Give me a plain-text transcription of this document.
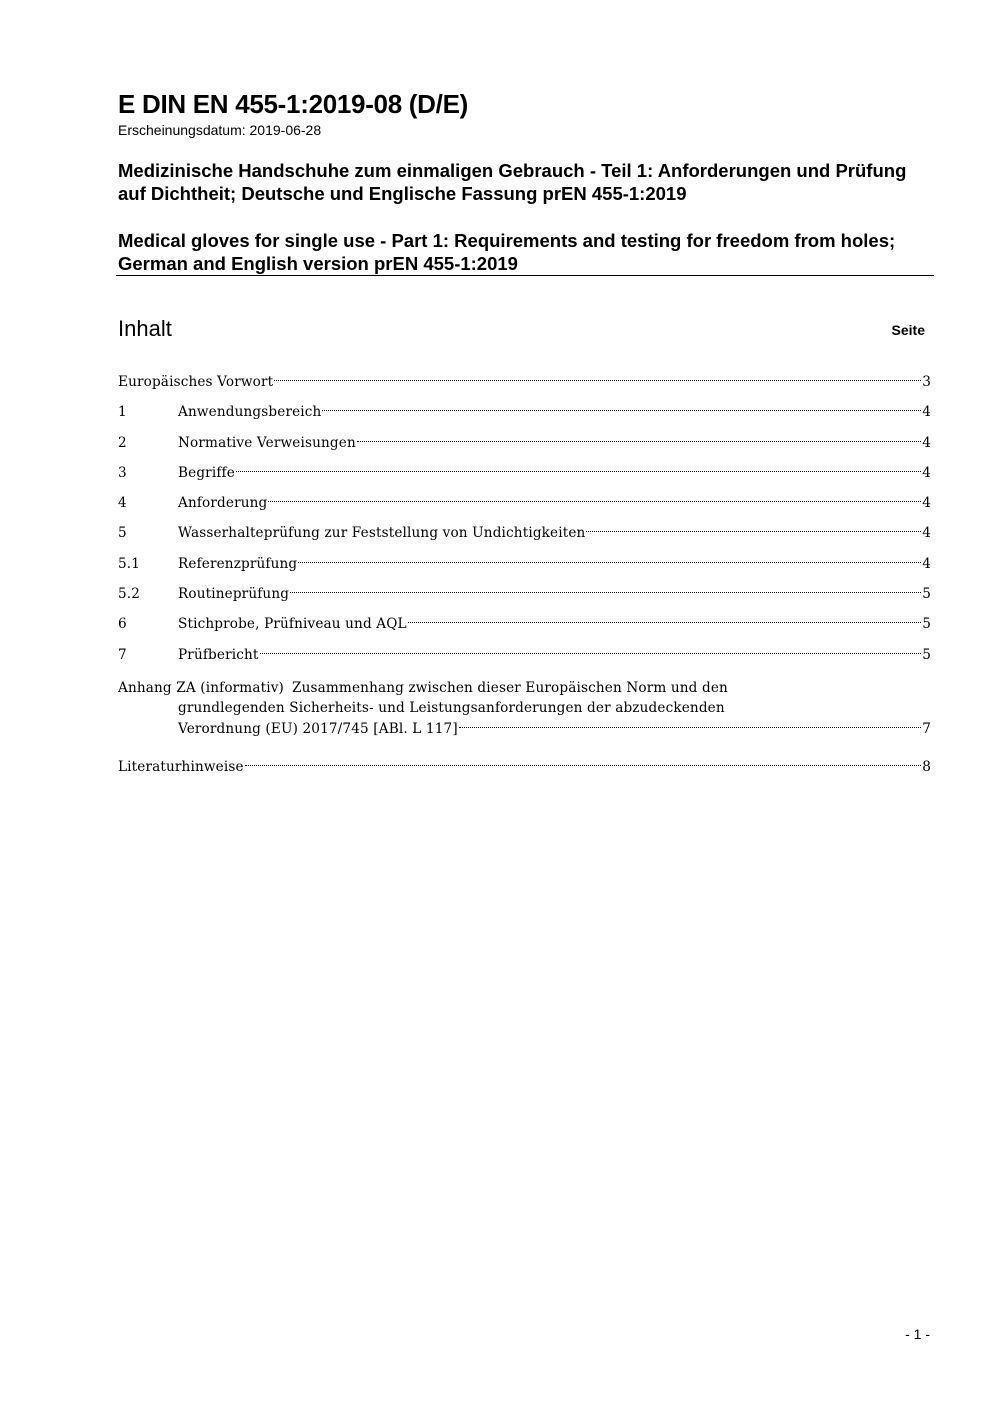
E DIN EN 455-1:2019-08 (D/E)
Erscheinungsdatum: 2019-06-28

Medizinische Handschuhe zum einmaligen Gebrauch - Teil 1: Anforderungen und Prüfung auf Dichtheit; Deutsche und Englische Fassung prEN 455-1:2019

Medical gloves for single use - Part 1: Requirements and testing for freedom from holes; German and English version prEN 455-1:2019

Inhalt	Seite
Europäisches Vorwort	3
1	Anwendungsbereich	4
2	Normative Verweisungen	4
3	Begriffe	4
4	Anforderung	4
5	Wasserhalteprüfung zur Feststellung von Undichtigkeiten	4
5.1	Referenzprüfung	4
5.2	Routineprüfung	5
6	Stichprobe, Prüfniveau und AQL	5
7	Prüfbericht	5
Anhang ZA (informativ) Zusammenhang zwischen dieser Europäischen Norm und den
grundlegenden Sicherheits- und Leistungsanforderungen der abzudeckenden
Verordnung (EU) 2017/745 [ABl. L 117]	7
Literaturhinweise	8
- 1 -
